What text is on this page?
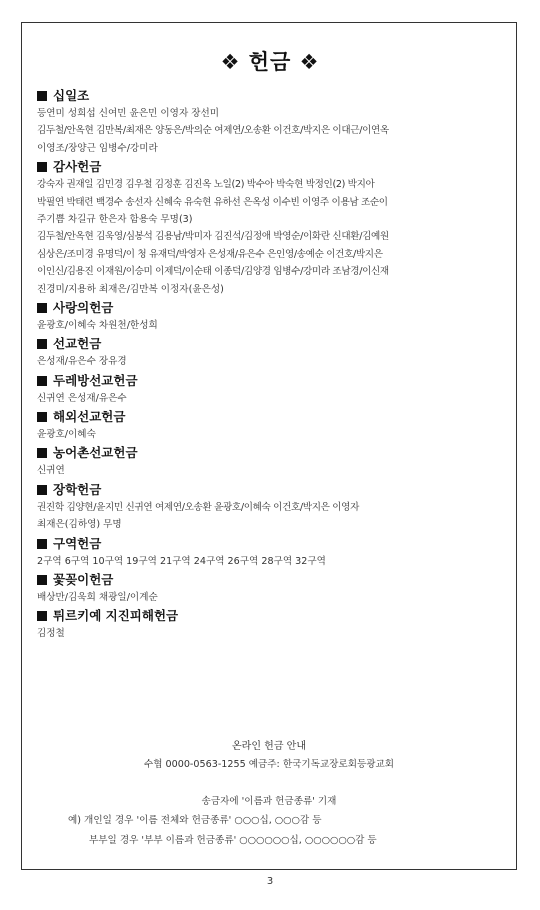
❖ 헌금 ❖
십일조
등연미 성희섭 신여민 윤은민 이영자 장선미
김두철/안옥현 김만복/최재은 양동은/박의순 여제연/오송환 이건호/박지은 이대근/이연옥
이영조/장양근 임병수/강미라
감사헌금
강숙자 권재일 김민경 김우철 김정훈 김진옥 노일(2) 박수아 박숙현 박정인(2) 박지아
박필연 박태련 백경수 송선자 신혜숙 유숙현 유하선 은옥성 이수빈 이영주 이용남 조순이
주기쁨 차길규 한은자 함용숙 무명(3)
김두철/안옥현 김욱영/심봉석 김용남/박미자 김진석/김정애 박영순/이화란 신대환/김예원
심상은/조미경 유명덕/이 청 유재덕/박영자 은성재/유은수 은인영/송예순 이건호/박지은
이인신/김용진 이재원/이승미 이제덕/이순태 이종덕/김양경 임병수/강미라 조남경/이신재
진경미/지용하 최재은/김만복 이정자(윤은성)
사랑의헌금
윤광호/이혜숙 차원천/한성희
선교헌금
은성재/유은수 장유경
두레방선교헌금
신귀연 은성재/유은수
해외선교헌금
윤광호/이혜숙
농어촌선교헌금
신귀연
장학헌금
권진학 김양현/윤지민 신귀연 여제연/오송환 윤광호/이혜숙 이건호/박지은 이영자
최재은(김하영) 무명
구역헌금
2구역 6구역 10구역 19구역 21구역 24구역 26구역 28구역 32구역
꽃꽂이헌금
배상만/김욱희 채광일/이계순
튀르키예 지진피해헌금
김정철
온라인 헌금 안내
수협 0000-0563-1255 예금주: 한국기독교장로회등광교회
송금자에 '이름과 헌금종류' 기재
예) 개인일 경우 '이름 전체와 헌금종류' ○○○십, ○○○감 등
부부일 경우 '부부 이름과 헌금종류' ○○○○○○십, ○○○○○○감 등
3
